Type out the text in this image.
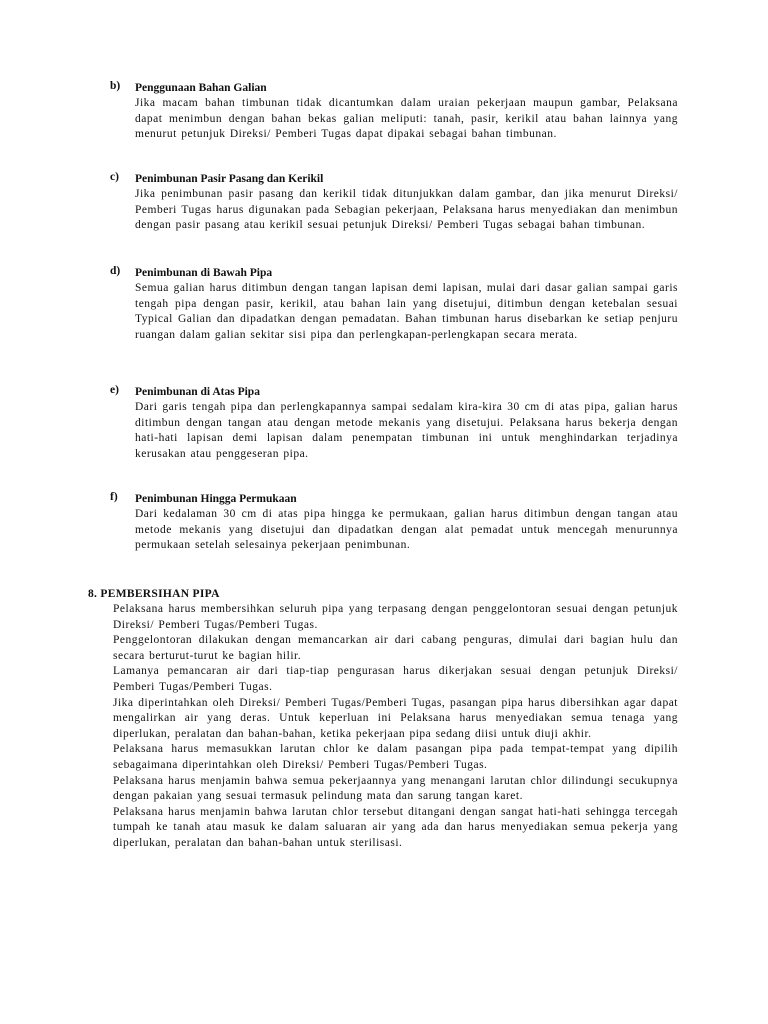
b) Penggunaan Bahan Galian
Jika macam bahan timbunan tidak dicantumkan dalam uraian pekerjaan maupun gambar, Pelaksana dapat menimbun dengan bahan bekas galian meliputi: tanah, pasir, kerikil atau bahan lainnya yang menurut petunjuk Direksi/ Pemberi Tugas dapat dipakai sebagai bahan timbunan.
c) Penimbunan Pasir Pasang dan Kerikil
Jika penimbunan pasir pasang dan kerikil tidak ditunjukkan dalam gambar, dan jika menurut Direksi/ Pemberi Tugas harus digunakan pada Sebagian pekerjaan, Pelaksana harus menyediakan dan menimbun dengan pasir pasang atau kerikil sesuai petunjuk Direksi/ Pemberi Tugas sebagai bahan timbunan.
d) Penimbunan di Bawah Pipa
Semua galian harus ditimbun dengan tangan lapisan demi lapisan, mulai dari dasar galian sampai garis tengah pipa dengan pasir, kerikil, atau bahan lain yang disetujui, ditimbun dengan ketebalan sesuai Typical Galian dan dipadatkan dengan pemadatan. Bahan timbunan harus disebarkan ke setiap penjuru ruangan dalam galian sekitar sisi pipa dan perlengkapan-perlengkapan secara merata.
e) Penimbunan di Atas Pipa
Dari garis tengah pipa dan perlengkapannya sampai sedalam kira-kira 30 cm di atas pipa, galian harus ditimbun dengan tangan atau dengan metode mekanis yang disetujui. Pelaksana harus bekerja dengan hati-hati lapisan demi lapisan dalam penempatan timbunan ini untuk menghindarkan terjadinya kerusakan atau penggeseran pipa.
f) Penimbunan Hingga Permukaan
Dari kedalaman 30 cm di atas pipa hingga ke permukaan, galian harus ditimbun dengan tangan atau metode mekanis yang disetujui dan dipadatkan dengan alat pemadat untuk mencegah menurunnya permukaan setelah selesainya pekerjaan penimbunan.
8. PEMBERSIHAN PIPA
Pelaksana harus membersihkan seluruh pipa yang terpasang dengan penggelontoran sesuai dengan petunjuk Direksi/ Pemberi Tugas/Pemberi Tugas.
Penggelontoran dilakukan dengan memancarkan air dari cabang penguras, dimulai dari bagian hulu dan secara berturut-turut ke bagian hilir.
Lamanya pemancaran air dari tiap-tiap pengurasan harus dikerjakan sesuai dengan petunjuk Direksi/ Pemberi Tugas/Pemberi Tugas.
Jika diperintahkan oleh Direksi/ Pemberi Tugas/Pemberi Tugas, pasangan pipa harus dibersihkan agar dapat mengalirkan air yang deras. Untuk keperluan ini Pelaksana harus menyediakan semua tenaga yang diperlukan, peralatan dan bahan-bahan, ketika pekerjaan pipa sedang diisi untuk diuji akhir.
Pelaksana harus memasukkan larutan chlor ke dalam pasangan pipa pada tempat-tempat yang dipilih sebagaimana diperintahkan oleh Direksi/ Pemberi Tugas/Pemberi Tugas.
Pelaksana harus menjamin bahwa semua pekerjaannya yang menangani larutan chlor dilindungi secukupnya dengan pakaian yang sesuai termasuk pelindung mata dan sarung tangan karet.
Pelaksana harus menjamin bahwa larutan chlor tersebut ditangani dengan sangat hati-hati sehingga tercegah tumpah ke tanah atau masuk ke dalam saluaran air yang ada dan harus menyediakan semua pekerja yang diperlukan, peralatan dan bahan-bahan untuk sterilisasi.
